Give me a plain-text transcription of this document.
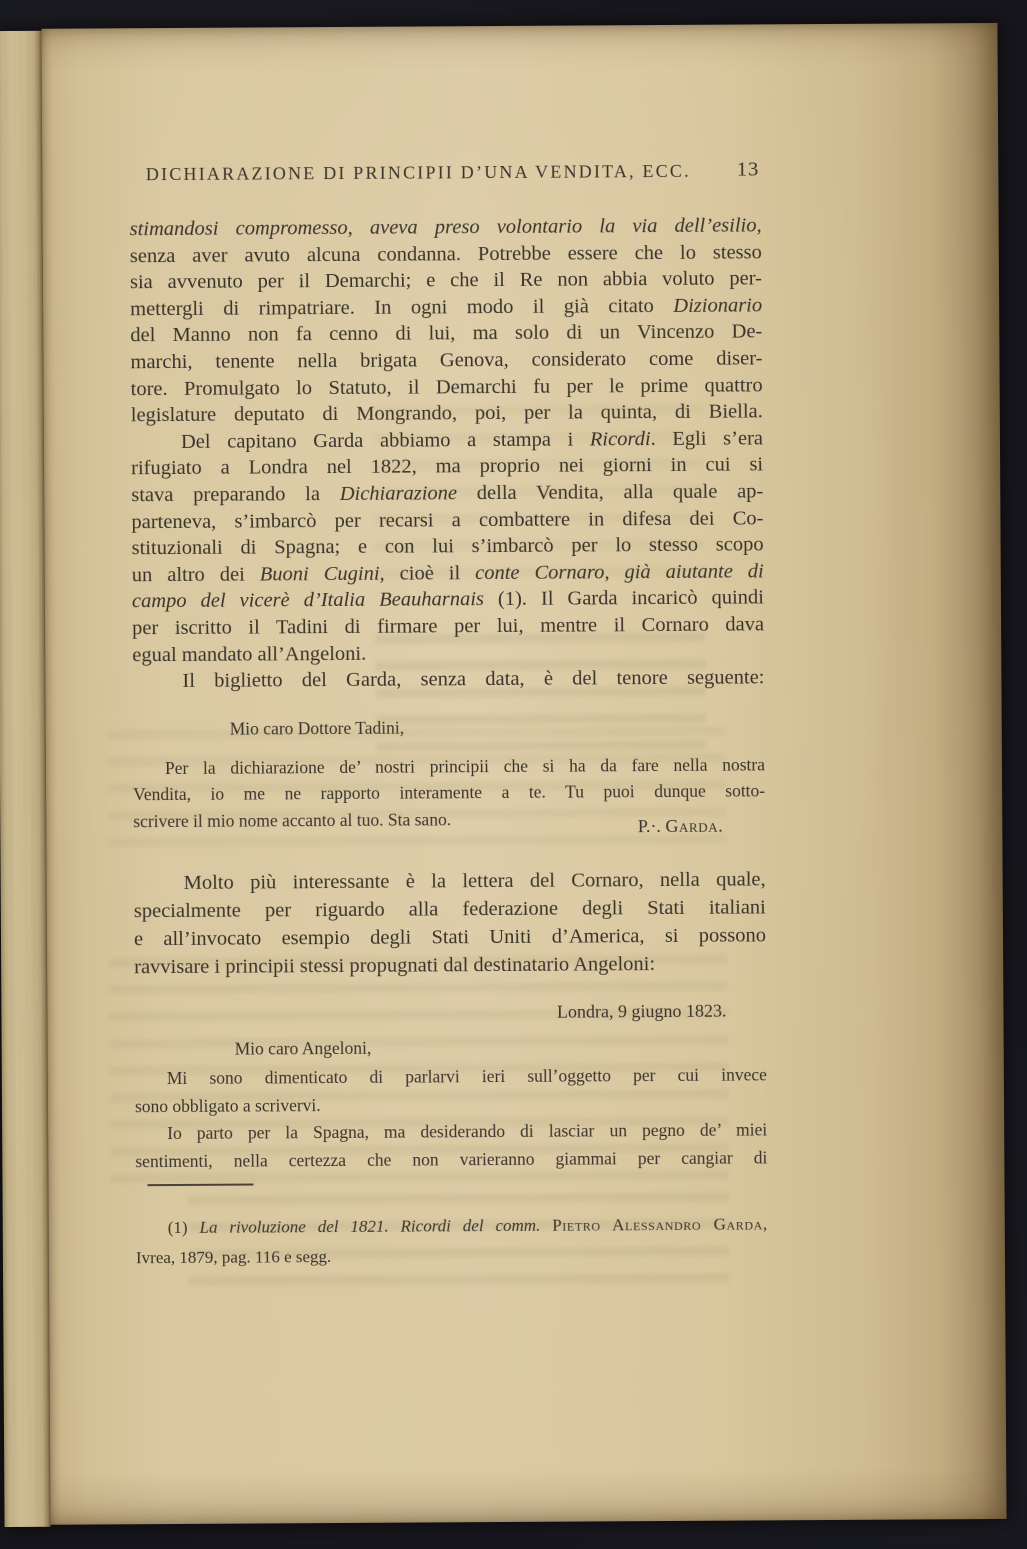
DICHIARAZIONE DI PRINCIPII D’UNA VENDITA, ECC.	13
stimandosi compromesso, aveva preso volontario la via dell’esilio,
senza aver avuto alcuna condanna. Potrebbe essere che lo stesso
sia avvenuto per il Demarchi; e che il Re non abbia voluto per-
mettergli di rimpatriare. In ogni modo il già citato Dizionario
del Manno non fa cenno di lui, ma solo di un Vincenzo De-
marchi, tenente nella brigata Genova, considerato come diser-
tore. Promulgato lo Statuto, il Demarchi fu per le prime quattro
legislature deputato di Mongrando, poi, per la quinta, di Biella.
Del capitano Garda abbiamo a stampa i Ricordi. Egli s’era
rifugiato a Londra nel 1822, ma proprio nei giorni in cui si
stava preparando la Dichiarazione della Vendita, alla quale ap-
parteneva, s’imbarcò per recarsi a combattere in difesa dei Co-
stituzionali di Spagna; e con lui s’imbarcò per lo stesso scopo
un altro dei Buoni Cugini, cioè il conte Cornaro, già aiutante di
campo del vicerè d’Italia Beauharnais (1). Il Garda incaricò quindi
per iscritto il Tadini di firmare per lui, mentre il Cornaro dava
egual mandato all’Angeloni.
Il biglietto del Garda, senza data, è del tenore seguente:
Mio caro Dottore Tadini,
Per la dichiarazione de’ nostri principii che si ha da fare nella nostra
Vendita, io me ne rapporto interamente a te. Tu puoi dunque sotto-
scrivere il mio nome accanto al tuo. Sta sano.	P.·. Garda.
Molto più interessante è la lettera del Cornaro, nella quale,
specialmente per riguardo alla federazione degli Stati italiani
e all’invocato esempio degli Stati Uniti d’America, si possono
ravvisare i principii stessi propugnati dal destinatario Angeloni:
Londra, 9 giugno 1823.
Mio caro Angeloni,
Mi sono dimenticato di parlarvi ieri sull’oggetto per cui invece
sono obbligato a scrivervi.
Io parto per la Spagna, ma desiderando di lasciar un pegno de’ miei
sentimenti, nella certezza che non varieranno giammai per cangiar di
(1) La rivoluzione del 1821. Ricordi del comm. Pietro Alessandro Garda,
Ivrea, 1879, pag. 116 e segg.
